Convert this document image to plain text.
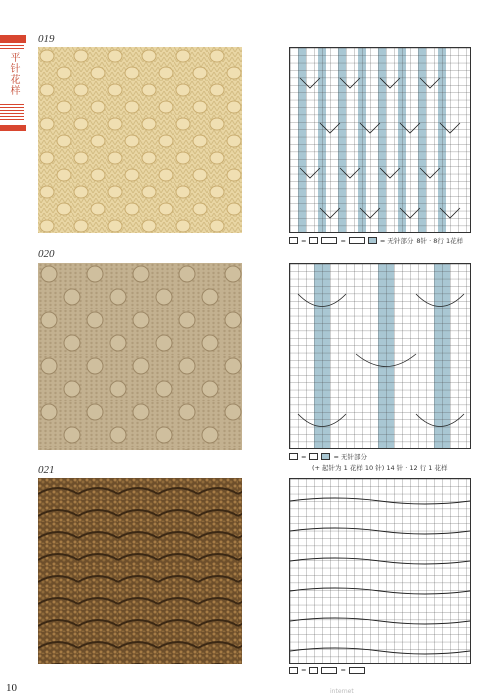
平针花样
019
=	=	= 无针部分 8针 · 8行 1花样
020
=	= 无针部分
(+ 起针为 1 花样 10 针) 14 针 · 12 行 1 花样
021
=	=
10	internet
